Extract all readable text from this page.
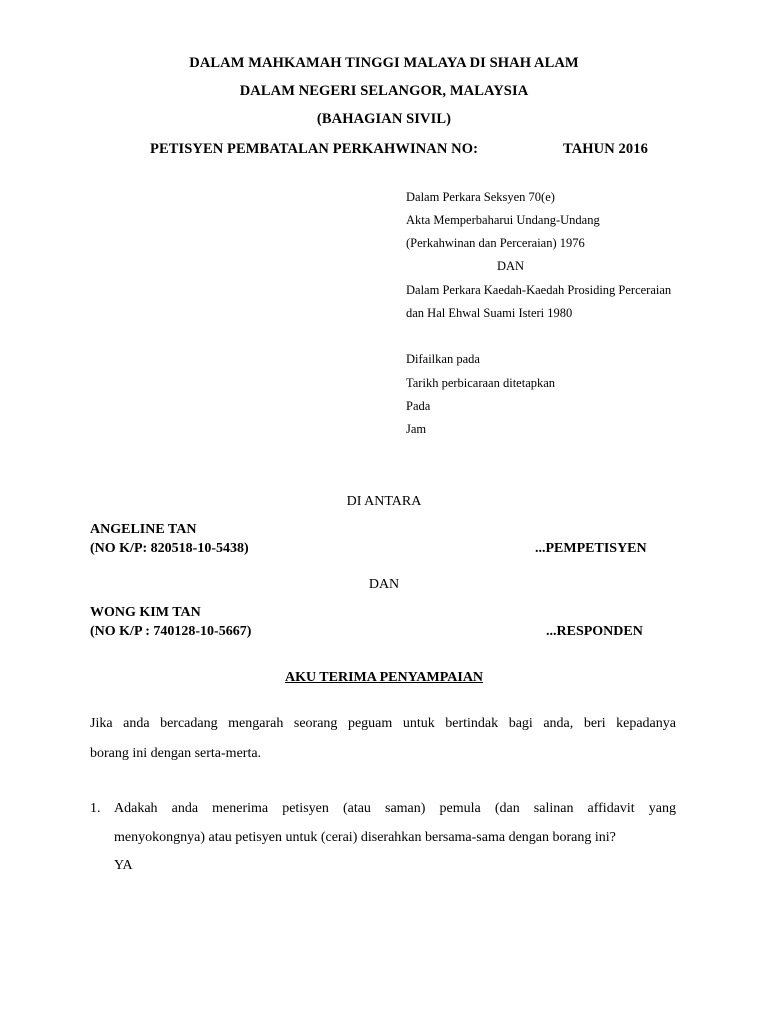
DALAM MAHKAMAH TINGGI MALAYA DI SHAH ALAM
DALAM NEGERI SELANGOR, MALAYSIA
(BAHAGIAN SIVIL)
PETISYEN PEMBATALAN PERKAHWINAN NO:	TAHUN 2016
Dalam Perkara Seksyen 70(e)
Akta Memperbaharui Undang-Undang
(Perkahwinan dan Perceraian) 1976
DAN
Dalam Perkara Kaedah-Kaedah Prosiding Perceraian
dan Hal Ehwal Suami Isteri 1980
Difailkan pada
Tarikh perbicaraan ditetapkan
Pada
Jam
DI ANTARA
ANGELINE TAN
(NO K/P: 820518-10-5438)	...PEMPETISYEN
DAN
WONG KIM TAN
(NO K/P : 740128-10-5667)	...RESPONDEN
AKU TERIMA PENYAMPAIAN
Jika anda bercadang mengarah seorang peguam untuk bertindak bagi anda, beri kepadanya
borang ini dengan serta-merta.
1. Adakah anda menerima petisyen (atau saman) pemula (dan salinan affidavit yang
menyokongnya) atau petisyen untuk (cerai) diserahkan bersama-sama dengan borang ini?
YA
